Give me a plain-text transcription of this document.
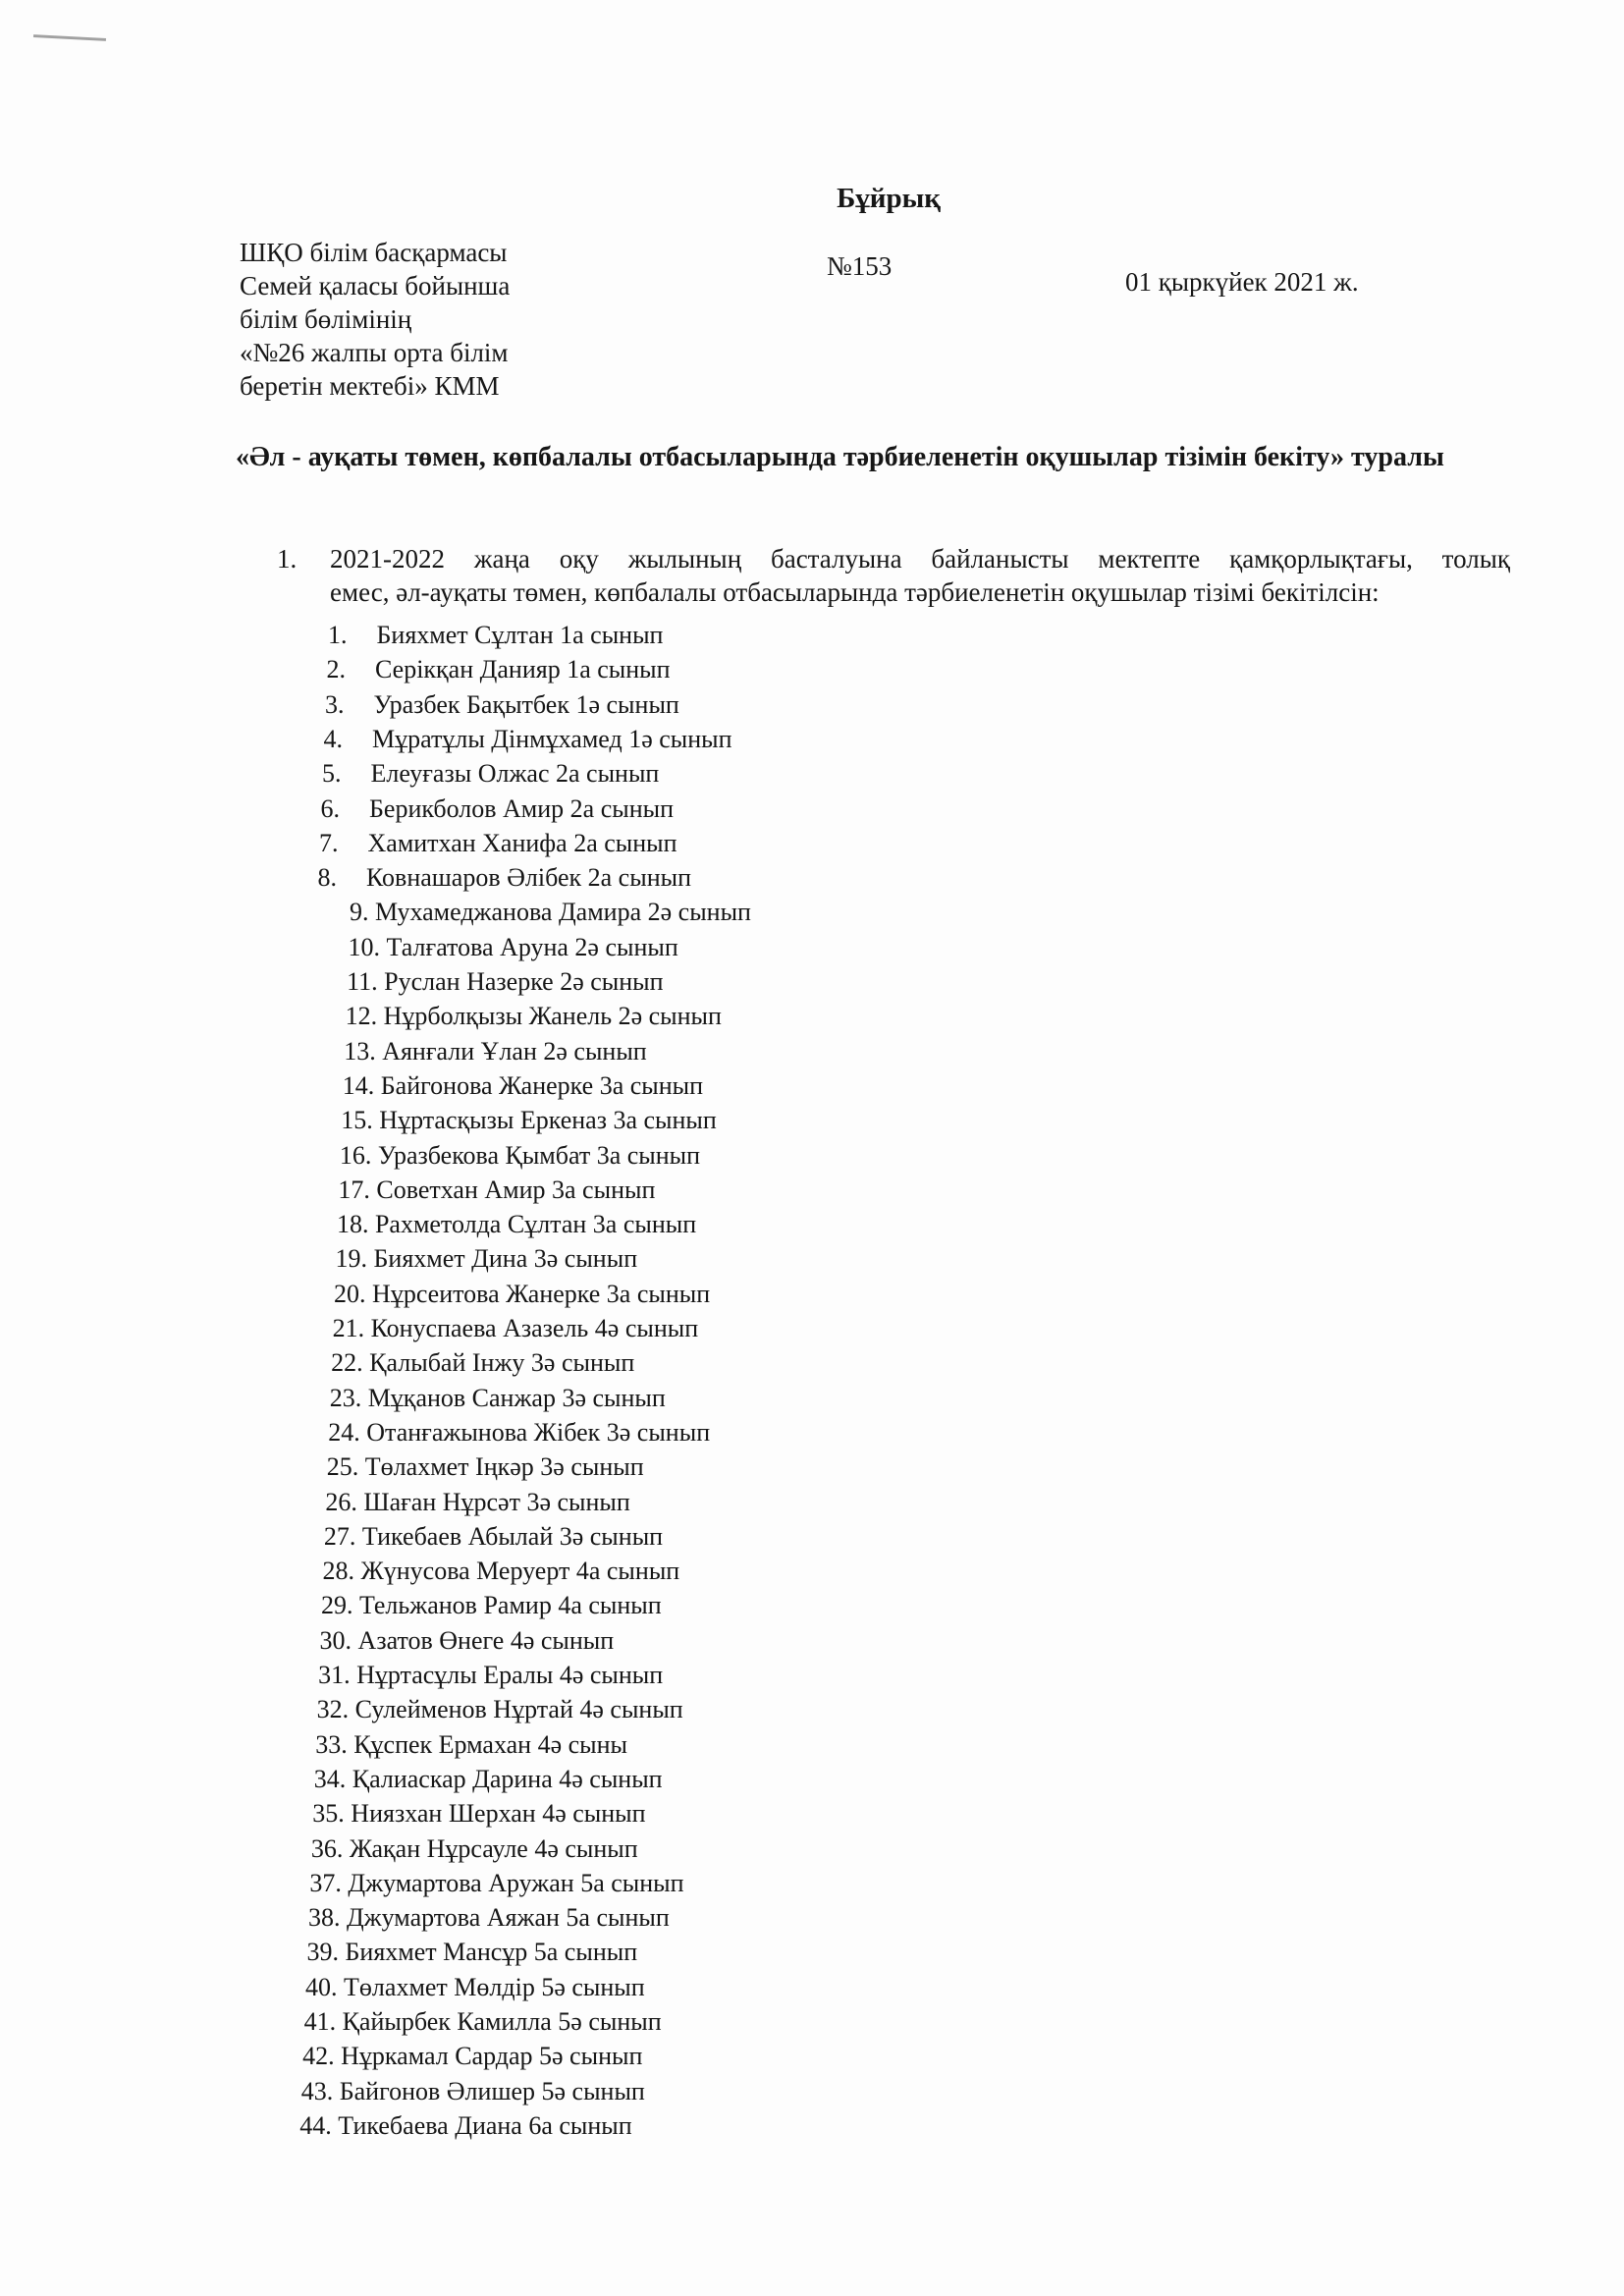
Бұйрық
ШҚО білім басқармасы
Семей қаласы бойынша
білім бөлімінің
«№26 жалпы орта білім
беретін мектебі» КММ
№153
01 қыркүйек 2021 ж.
«Әл - ауқаты төмен, көпбалалы отбасыларында тәрбиеленетін оқушылар тізімін бекіту» туралы
1. 2021-2022 жаңа оқу жылының басталуына байланысты мектепте қамқорлықтағы, толық
емес, әл-ауқаты төмен, көпбалалы отбасыларында тәрбиеленетін оқушылар тізімі бекітілсін:
1. Бияхмет Сұлтан 1а сынып
2. Серікқан Данияр 1а сынып
3. Уразбек Бақытбек 1ә сынып
4. Мұратұлы Дінмұхамед 1ә сынып
5. Елеуғазы Олжас 2а сынып
6. Берикболов Амир 2а сынып
7. Хамитхан Ханифа 2а сынып
8. Ковнашаров Әлібек 2а сынып
9. Мухамеджанова Дамира 2ә сынып
10. Талғатова Аруна 2ә сынып
11. Руслан Назерке 2ә сынып
12. Нұрболқызы Жанель 2ә сынып
13. Аянғали Ұлан 2ә сынып
14. Байгонова Жанерке 3а сынып
15. Нұртасқызы Еркеназ 3а сынып
16. Уразбекова Қымбат 3а сынып
17. Советхан Амир 3а сынып
18. Рахметолда Сұлтан 3а сынып
19. Бияхмет Дина 3ә сынып
20. Нұрсеитова Жанерке 3а сынып
21. Конуспаева Азазель 4ә сынып
22. Қалыбай Інжу 3ә сынып
23. Мұқанов Санжар 3ә сынып
24. Отанғажынова Жібек 3ә сынып
25. Төлахмет Іңкәр 3ә сынып
26. Шаған Нұрсәт 3ә сынып
27. Тикебаев Абылай 3ә сынып
28. Жүнусова Меруерт 4а сынып
29. Тельжанов Рамир 4а сынып
30. Азатов Өнеге 4ә сынып
31. Нұртасұлы Ералы 4ә сынып
32. Сулейменов Нұртай 4ә сынып
33. Құспек Ермахан 4ә сыны
34. Қалиаскар Дарина 4ә сынып
35. Ниязхан Шерхан 4ә сынып
36. Жақан Нұрсауле 4ә сынып
37. Джумартова Аружан 5а сынып
38. Джумартова Аяжан 5а сынып
39. Бияхмет Мансұр 5а сынып
40. Төлахмет Мөлдір 5ә сынып
41. Қайырбек Камилла 5ә сынып
42. Нұркамал Сардар 5ә сынып
43. Байгонов Әлишер 5ә сынып
44. Тикебаева Диана 6а сынып
